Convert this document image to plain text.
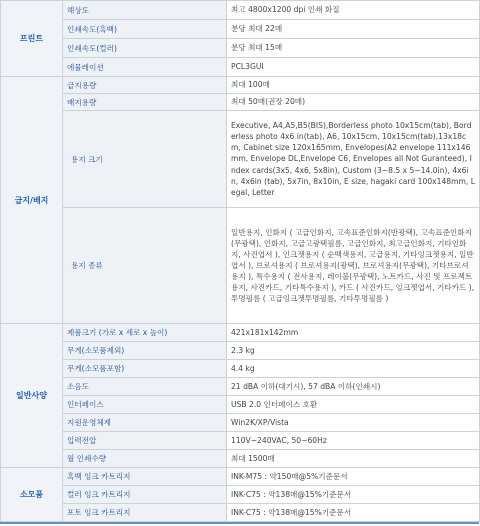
프린트	해상도	최고 4800x1200 dpi 인쇄 화질
	인쇄속도(흑백)	분당 최대 22매
	인쇄속도(컬러)	분당 최대 15매
	에뮬레이션	PCL3GUI
급지/배지	급지용량	최대 100매
	배지용량	최대 50매(권장 20매)
	용지 크기	Executive, A4,A5,B5(BIS),Borderless photo 10x15cm(tab), Borderless photo 4x6 in(tab), A6, 10x15cm, 10x15cm(tab),13x18cm, Cabinet size 120x165mm, Envelopes(A2 envelope 111x146mm, Envelope DL,Envelope C6, Envelopes all Not Guranteed), Index cards(3x5, 4x6, 5x8in), Custom (3~8.5 x 5~14.0in), 4x6in, 4x6in (tab), 5x7in, 8x10in, E size, hagaki card 100x148mm, Legal, Letter
	용지 종류	일반용지, 인화지 ( 고급인화지, 고속표준인화지(반광택), 고속표준인화지(무광택), 인화지, 고급고광택필름, 고급인화지, 최고급인화지, 기타인화지, 사진엽서 ), 인크젯용지 ( 순백색용지, 고급용지, 기타잉크젯용지, 일반엽서 ), 브로셔용지 ( 브로셔용지(광택), 브로셔용지(무광택), 기타브로셔용지 ), 특수용지 ( 전사용지, 레이블(무광택), 노트카드, 사진 및 프로젝트용지, 사진카드, 기타특수용지 ), 카드 ( 사진카드, 잉크젯엽서, 기타카드 ), 투명필름 ( 고급잉크젯투명필름, 기타투명필름 )
일반사양	제품크기 (가로 x 세로 x 높이)	421x181x142mm
	무게(소모품제외)	2.3 kg
	무게(소모품포함)	4.4 kg
	소음도	21 dBA 이하(대기시), 57 dBA 이하(인쇄시)
	인터페이스	USB 2.0 인터페이스 호환
	지원운영체제	Win2K/XP/Vista
	입력전압	110V~240VAC, 50~60Hz
	월 인쇄수량	최대 1500매
소모품	흑백 잉크 카트리지	INK-M75 : 약150매@5%기준문서
	컬러 잉크 카트리지	INK-C75 : 약138매@15%기준문서
	포토 잉크 카트리지	INK-C75 : 약138매@15%기준문서
